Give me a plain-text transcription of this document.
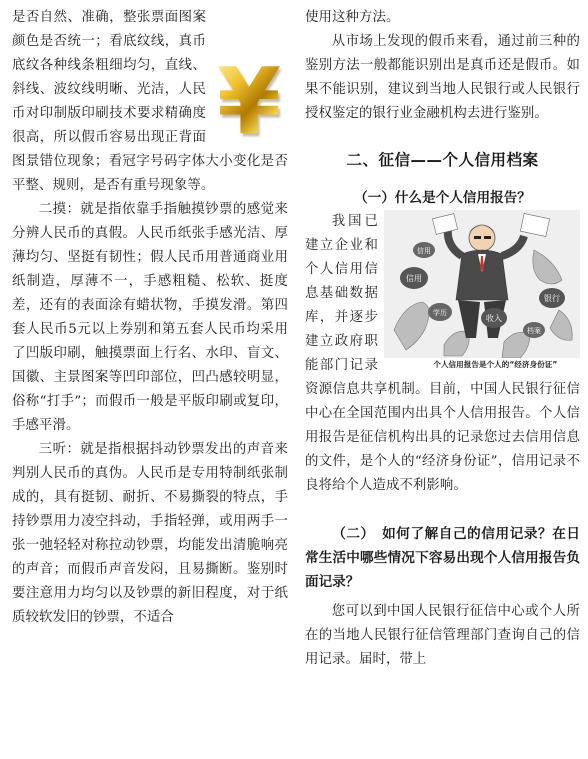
¥

是否自然、准确，整张票面图案颜色是否统一；看底纹线，真币底纹各种线条粗细均匀，直线、斜线、波纹线明晰、光洁，人民币对印制版印刷技术要求精确度很高，所以假币容易出现正背面图景错位现象；看冠字号码字体大小变化是否平整、规则，是否有重号现象等。

二摸：就是指依靠手指触摸钞票的感觉来分辨人民币的真假。人民币纸张手感光洁、厚薄均匀、坚挺有韧性；假人民币用普通商业用纸制造，厚薄不一，手感粗糙、松软、挺度差，还有的表面涂有蜡状物，手摸发滑。第四套人民币5元以上券别和第五套人民币均采用了凹版印刷，触摸票面上行名、水印、盲文、国徽、主景图案等凹印部位，凹凸感较明显，俗称“打手”；而假币一般是平版印刷或复印，手感平滑。

三听：就是指根据抖动钞票发出的声音来判别人民币的真伪。人民币是专用特制纸张制成的，具有挺韧、耐折、不易撕裂的特点，手持钞票用力凌空抖动，手指轻弹，或用两手一张一弛轻轻对称拉动钞票，均能发出清脆响亮的声音；而假币声音发闷，且易撕断。鉴别时要注意用力均匀以及钞票的新旧程度，对于纸质较软发旧的钞票，不适合

使用这种方法。

从市场上发现的假币来看，通过前三种的鉴别方法一般都能识别出是真币还是假币。如果不能识别，建议到当地人民银行或人民银行授权鉴定的银行业金融机构去进行鉴别。

二、征信——个人信用档案
（一）什么是个人信用报告？
信用
收入
银行
学历
档案
信用
个人信用报告是个人的“经济身份证”
我国已建立企业和个人信用信息基础数据库，并逐步建立政府职能部门记录资源信息共享机制。目前，中国人民银行征信中心在全国范围内出具个人信用报告。个人信用报告是征信机构出具的记录您过去信用信息的文件，是个人的“经济身份证”，信用记录不良将给个人造成不利影响。
（二）　如何了解自己的信用记录？在日常生活中哪些情况下容易出现个人信用报告负面记录？

您可以到中国人民银行征信中心或个人所在的当地人民银行征信管理部门查询自己的信用记录。届时，带上
